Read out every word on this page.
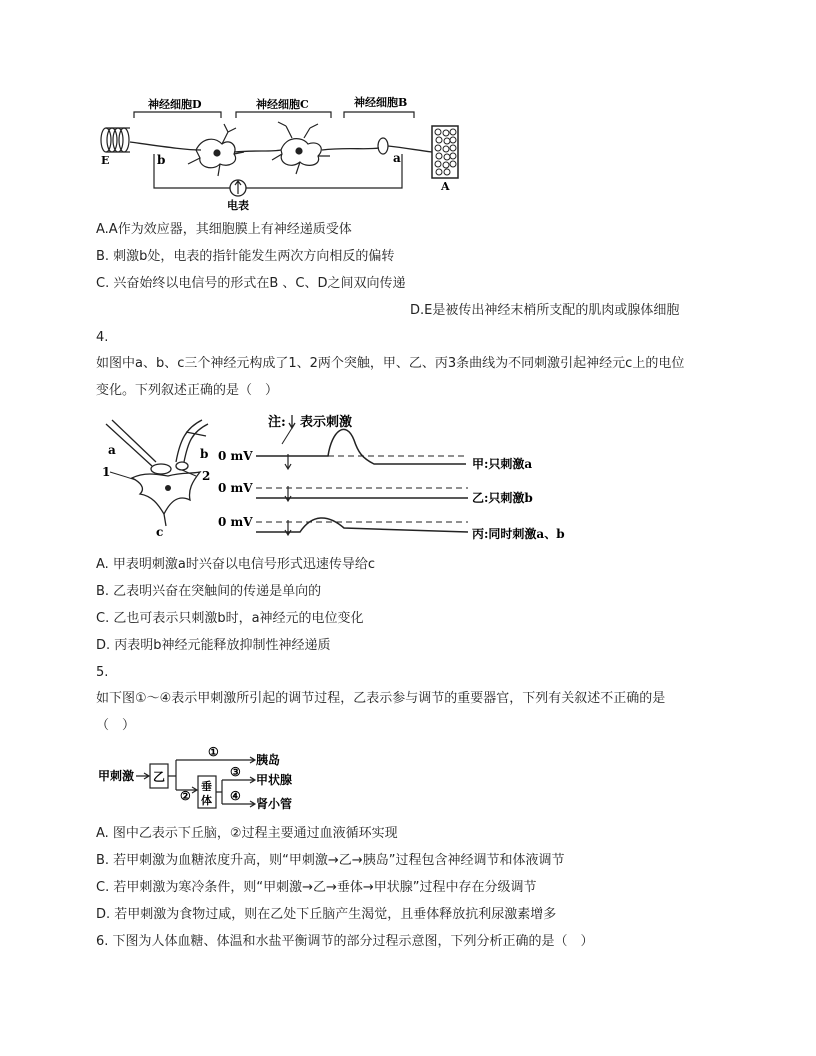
神经细胞D	神经细胞C	神经细胞B
E
A
电表
b	a
A.A作为效应器，其细胞膜上有神经递质受体
B. 刺激b处，电表的指针能发生两次方向相反的偏转
C. 兴奋始终以电信号的形式在B 、C、D之间双向传递
D.E是被传出神经末梢所支配的肌肉或腺体细胞
4.
如图中a、b、c三个神经元构成了1、2两个突触，甲、乙、丙3条曲线为不同刺激引起神经元c上的电位
变化。下列叙述正确的是（　）
a	b
1	2
c
注: 表示刺激
0 mV
甲:只刺激a
0 mV
乙:只刺激b
0 mV
丙:同时刺激a、b
A. 甲表明刺激a时兴奋以电信号形式迅速传导给c
B. 乙表明兴奋在突触间的传递是单向的
C. 乙也可表示只刺激b时，a神经元的电位变化
D. 丙表明b神经元能释放抑制性神经递质
5.
如下图①～④表示甲刺激所引起的调节过程，乙表示参与调节的重要器官，下列有关叙述不正确的是
（　）
甲刺激 乙
①
胰岛
②
垂
体
③
④
甲状腺
肾小管
A. 图中乙表示下丘脑，②过程主要通过血液循环实现
B. 若甲刺激为血糖浓度升高，则“甲刺激→乙→胰岛”过程包含神经调节和体液调节
C. 若甲刺激为寒冷条件，则“甲刺激→乙→垂体→甲状腺”过程中存在分级调节
D. 若甲刺激为食物过咸，则在乙处下丘脑产生渴觉，且垂体释放抗利尿激素增多
6. 下图为人体血糖、体温和水盐平衡调节的部分过程示意图，下列分析正确的是（　）
